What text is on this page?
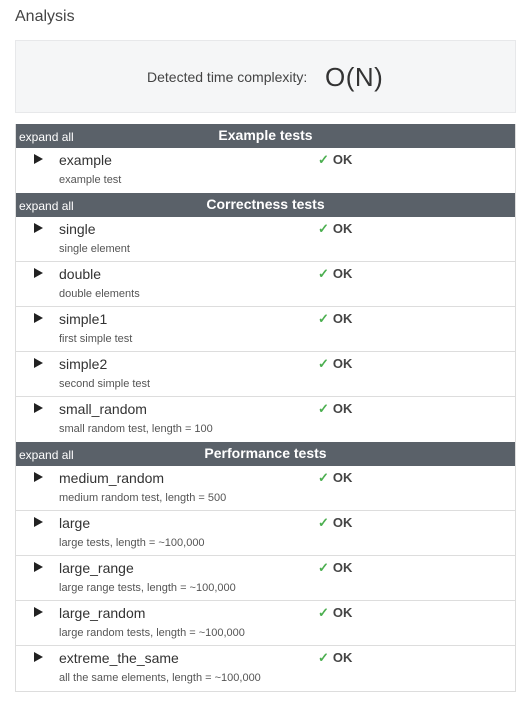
Analysis
Detected time complexity: O(N)
expand all	Example tests
example
example test
✓ OK
expand all	Correctness tests
single
single element
✓ OK
double
double elements
✓ OK
simple1
first simple test
✓ OK
simple2
second simple test
✓ OK
small_random
small random test, length = 100
✓ OK
expand all	Performance tests
medium_random
medium random test, length = 500
✓ OK
large
large tests, length = ~100,000
✓ OK
large_range
large range tests, length = ~100,000
✓ OK
large_random
large random tests, length = ~100,000
✓ OK
extreme_the_same
all the same elements, length = ~100,000
✓ OK
